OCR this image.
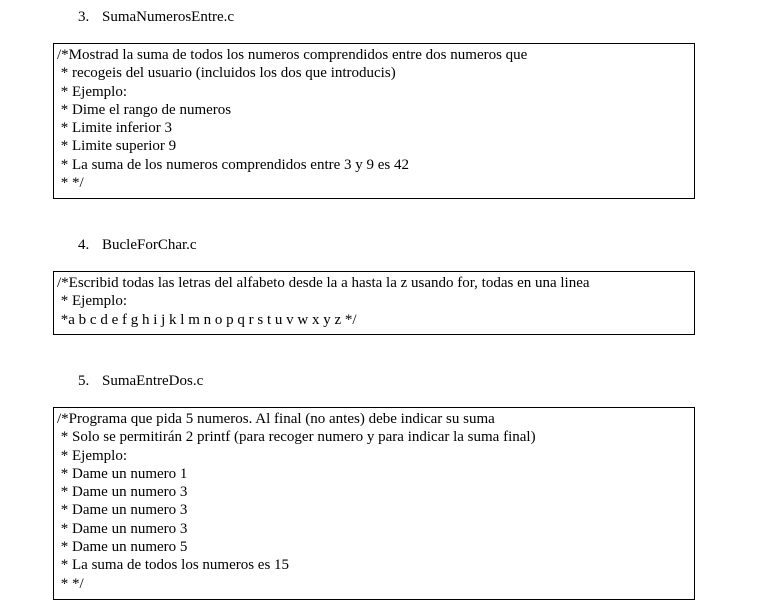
3. SumaNumerosEntre.c
/*Mostrad la suma de todos los numeros comprendidos entre dos numeros que
* recogeis del usuario (incluidos los dos que introducis)
* Ejemplo:
* Dime el rango de numeros
* Limite inferior 3
* Limite superior 9
* La suma de los numeros comprendidos entre 3 y 9 es 42
* */
4. BucleForChar.c
/*Escribid todas las letras del alfabeto desde la a hasta la z usando for, todas en una linea
* Ejemplo:
*a b c d e f g h i j k l m n o p q r s t u v w x y z */
5. SumaEntreDos.c
/*Programa que pida 5 numeros. Al final (no antes) debe indicar su suma
* Solo se permitirán 2 printf (para recoger numero y para indicar la suma final)
* Ejemplo:
* Dame un numero 1
* Dame un numero 3
* Dame un numero 3
* Dame un numero 3
* Dame un numero 5
* La suma de todos los numeros es 15
* */
